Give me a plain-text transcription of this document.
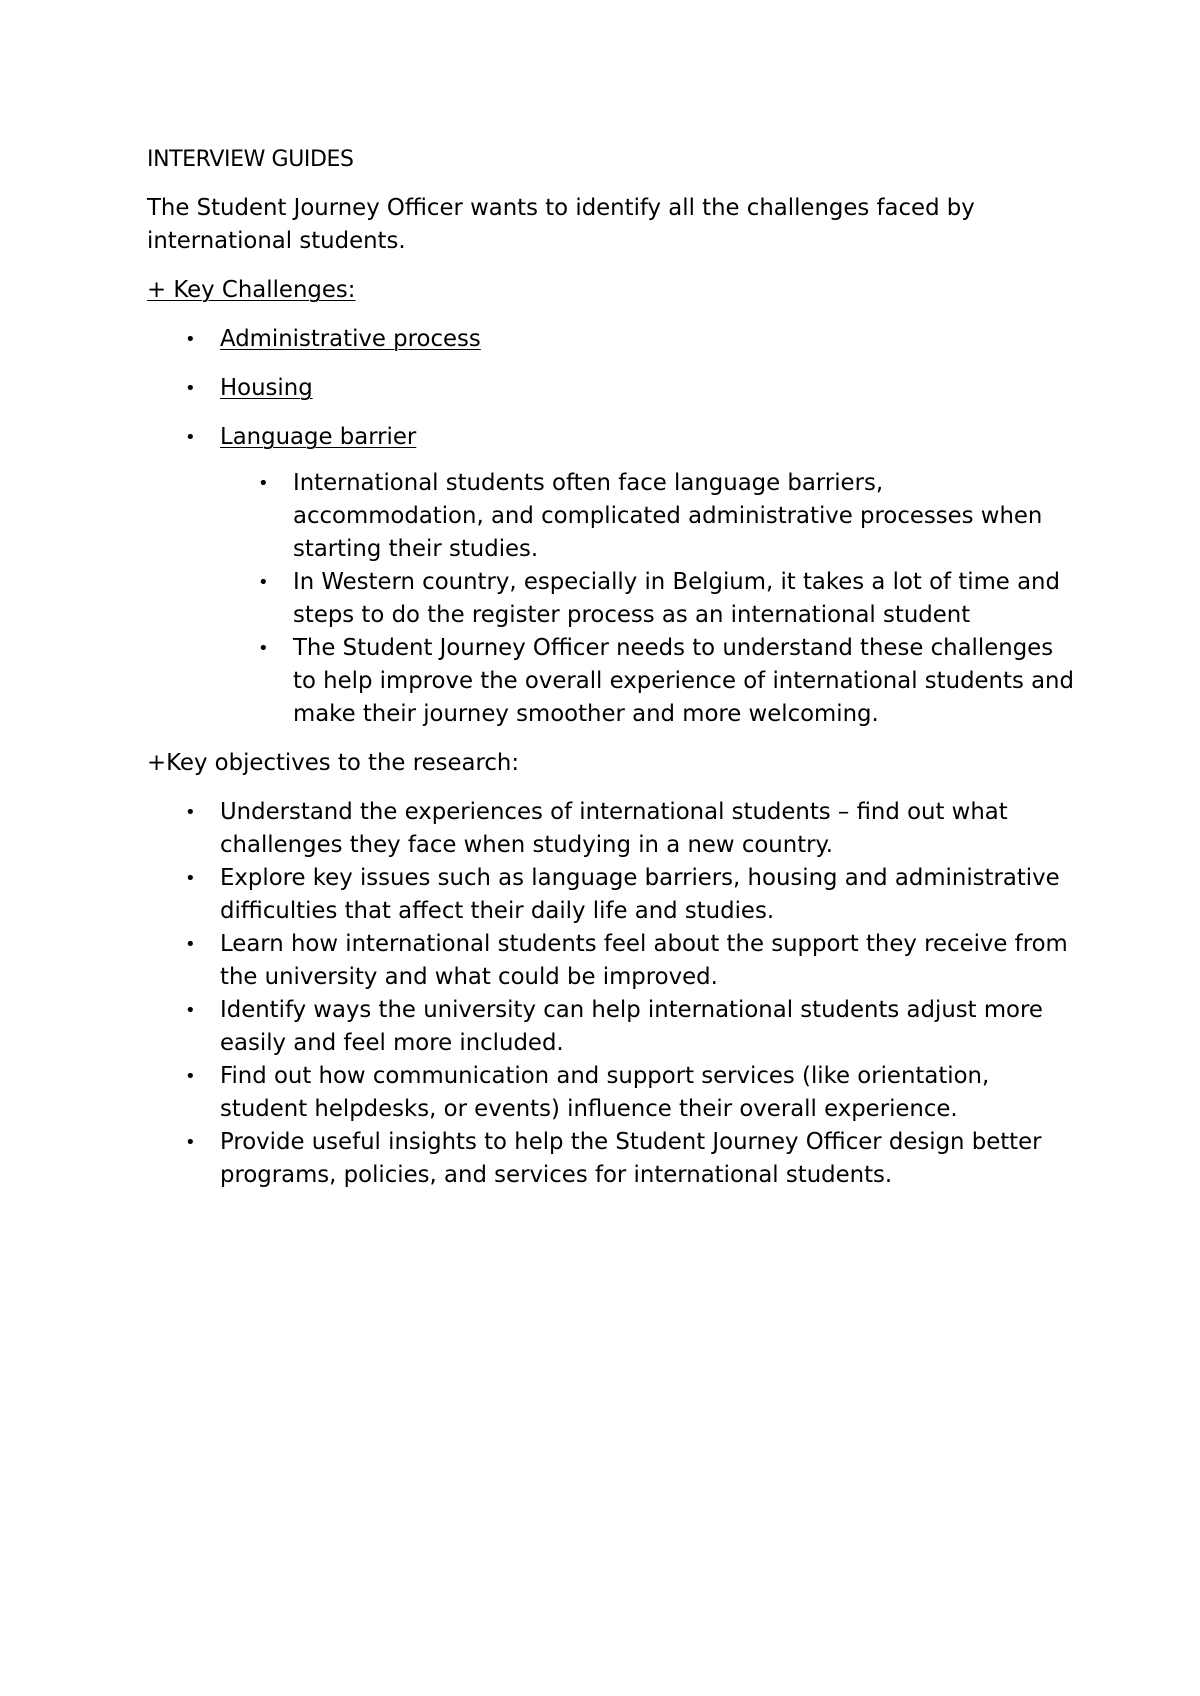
INTERVIEW GUIDES
The Student Journey Officer wants to identify all the challenges faced by international students.
+ Key Challenges:
• Administrative process
• Housing
• Language barrier
• International students often face language barriers, accommodation, and complicated administrative processes when starting their studies.
• In Western country, especially in Belgium, it takes a lot of time and steps to do the register process as an international student
• The Student Journey Officer needs to understand these challenges to help improve the overall experience of international students and make their journey smoother and more welcoming.
+Key objectives to the research:
• Understand the experiences of international students – find out what challenges they face when studying in a new country.
• Explore key issues such as language barriers, housing and administrative difficulties that affect their daily life and studies.
• Learn how international students feel about the support they receive from the university and what could be improved.
• Identify ways the university can help international students adjust more easily and feel more included.
• Find out how communication and support services (like orientation, student helpdesks, or events) influence their overall experience.
• Provide useful insights to help the Student Journey Officer design better programs, policies, and services for international students.
